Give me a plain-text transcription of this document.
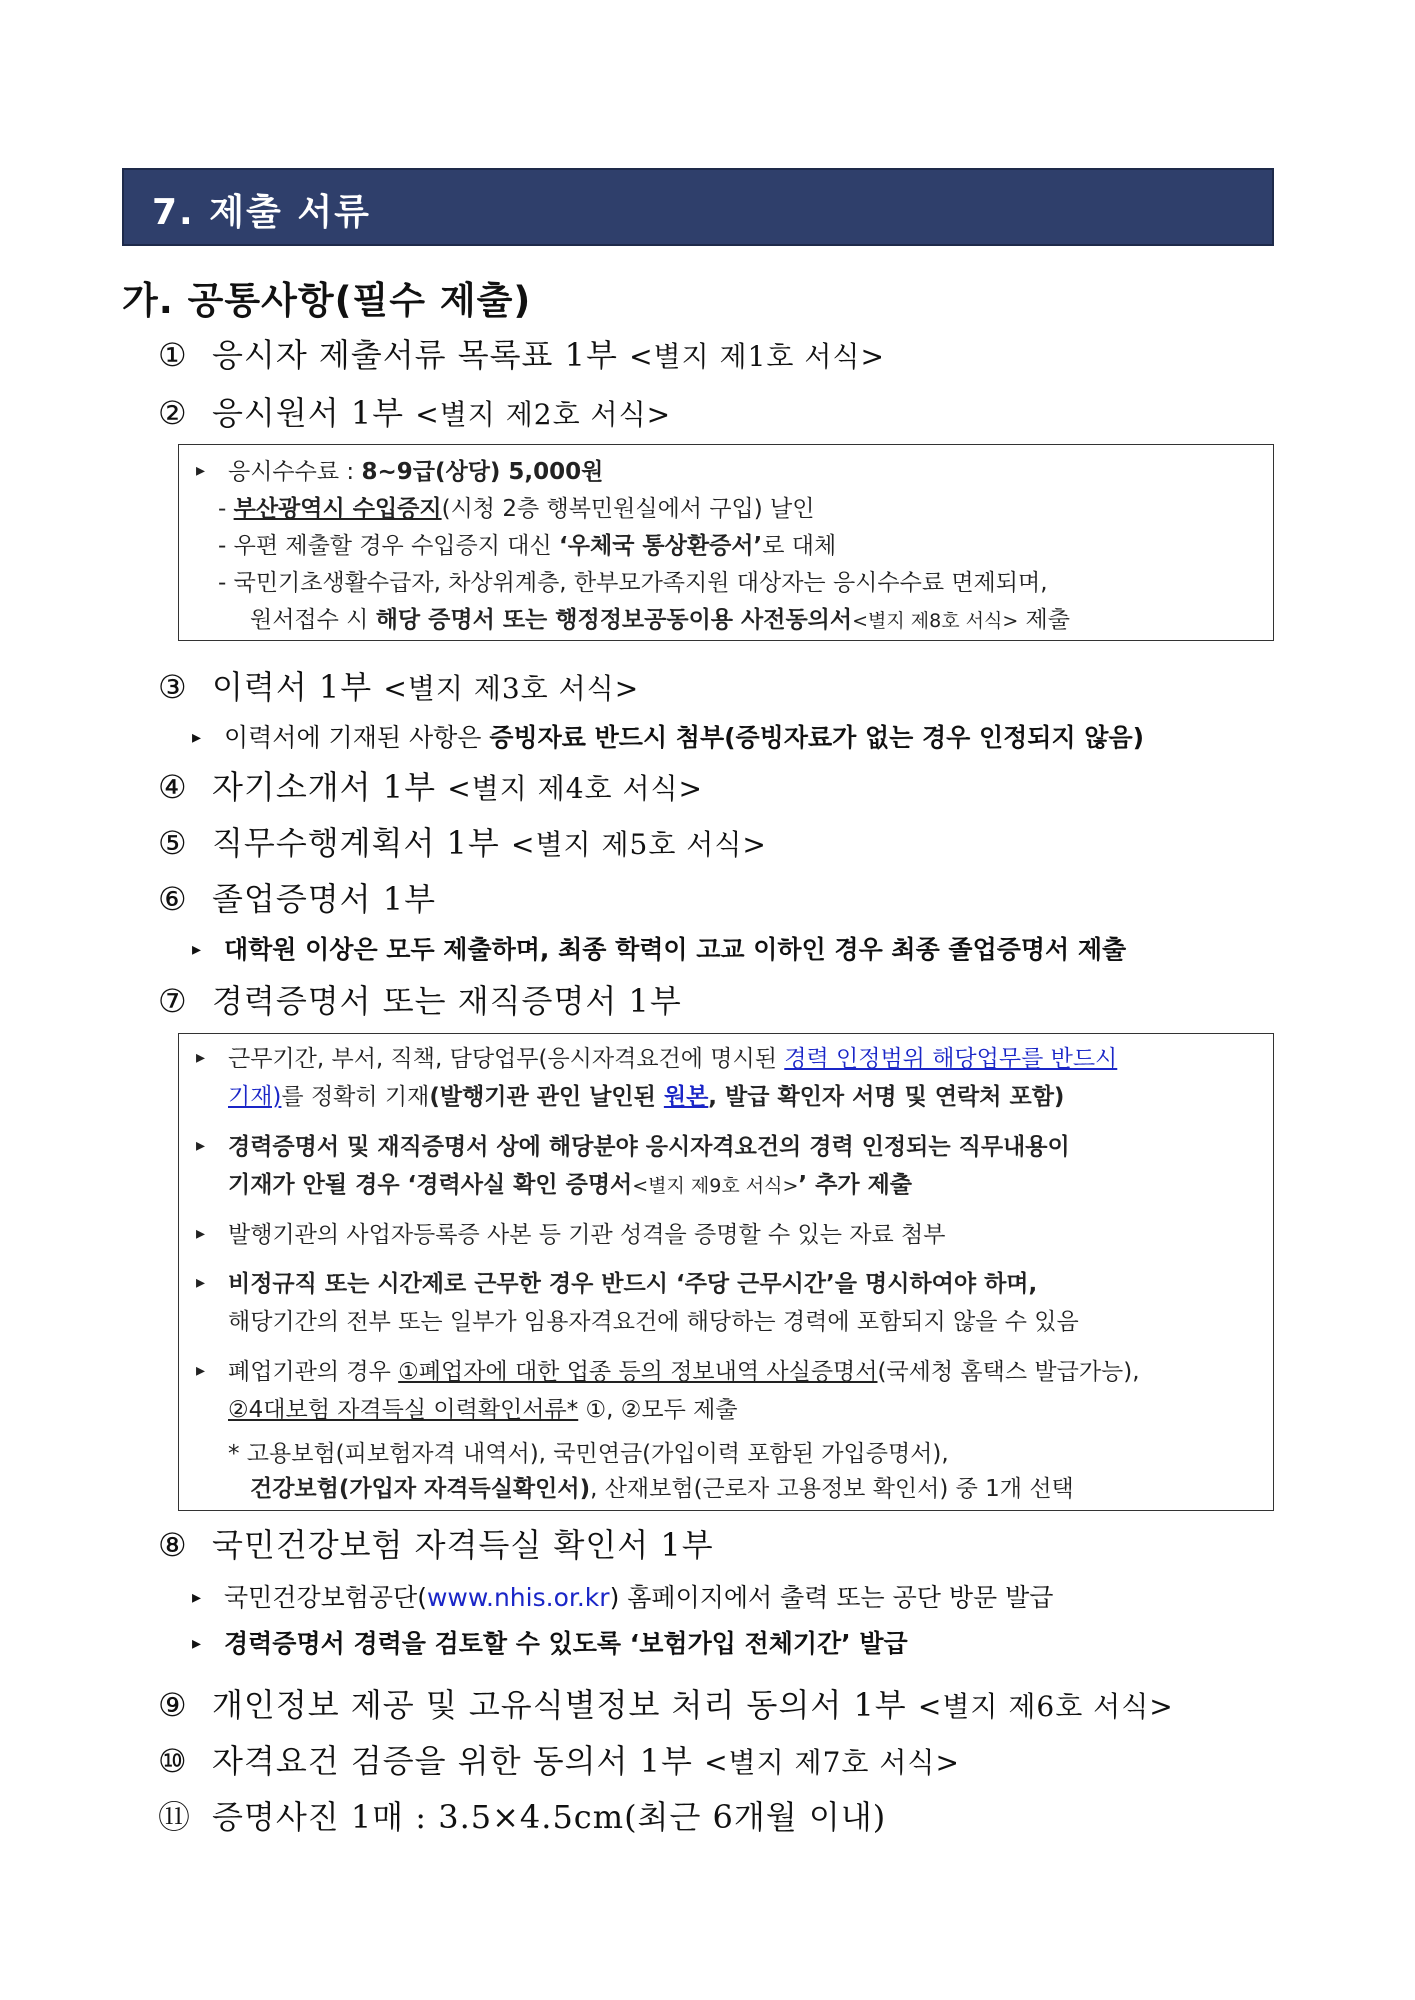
7. 제출 서류
가. 공통사항(필수 제출)
① 응시자 제출서류 목록표 1부 <별지 제1호 서식>
② 응시원서 1부 <별지 제2호 서식>
▸ 응시수수료 : 8~9급(상당) 5,000원
- 부산광역시 수입증지(시청 2층 행복민원실에서 구입) 날인
- 우편 제출할 경우 수입증지 대신 ‘우체국 통상환증서’로 대체
- 국민기초생활수급자, 차상위계층, 한부모가족지원 대상자는 응시수수료 면제되며,
원서접수 시 해당 증명서 또는 행정정보공동이용 사전동의서<별지 제8호 서식> 제출
③ 이력서 1부 <별지 제3호 서식>
▸ 이력서에 기재된 사항은 증빙자료 반드시 첨부(증빙자료가 없는 경우 인정되지 않음)
④ 자기소개서 1부 <별지 제4호 서식>
⑤ 직무수행계획서 1부 <별지 제5호 서식>
⑥ 졸업증명서 1부
▸ 대학원 이상은 모두 제출하며, 최종 학력이 고교 이하인 경우 최종 졸업증명서 제출
⑦ 경력증명서 또는 재직증명서 1부
▸ 근무기간, 부서, 직책, 담당업무(응시자격요건에 명시된 경력 인정범위 해당업무를 반드시
기재)를 정확히 기재(발행기관 관인 날인된 원본, 발급 확인자 서명 및 연락처 포함)
▸ 경력증명서 및 재직증명서 상에 해당분야 응시자격요건의 경력 인정되는 직무내용이
기재가 안될 경우 ‘경력사실 확인 증명서<별지 제9호 서식>’ 추가 제출
▸ 발행기관의 사업자등록증 사본 등 기관 성격을 증명할 수 있는 자료 첨부
▸ 비정규직 또는 시간제로 근무한 경우 반드시 ‘주당 근무시간’을 명시하여야 하며,
해당기간의 전부 또는 일부가 임용자격요건에 해당하는 경력에 포함되지 않을 수 있음
▸ 폐업기관의 경우 ①폐업자에 대한 업종 등의 정보내역 사실증명서(국세청 홈택스 발급가능),
②4대보험 자격득실 이력확인서류* ①, ②모두 제출
* 고용보험(피보험자격 내역서), 국민연금(가입이력 포함된 가입증명서),
건강보험(가입자 자격득실확인서), 산재보험(근로자 고용정보 확인서) 중 1개 선택
⑧ 국민건강보험 자격득실 확인서 1부
▸ 국민건강보험공단(www.nhis.or.kr) 홈페이지에서 출력 또는 공단 방문 발급
▸ 경력증명서 경력을 검토할 수 있도록 ‘보험가입 전체기간’ 발급
⑨ 개인정보 제공 및 고유식별정보 처리 동의서 1부 <별지 제6호 서식>
⑩ 자격요건 검증을 위한 동의서 1부 <별지 제7호 서식>
⑪ 증명사진 1매 : 3.5×4.5cm(최근 6개월 이내)
